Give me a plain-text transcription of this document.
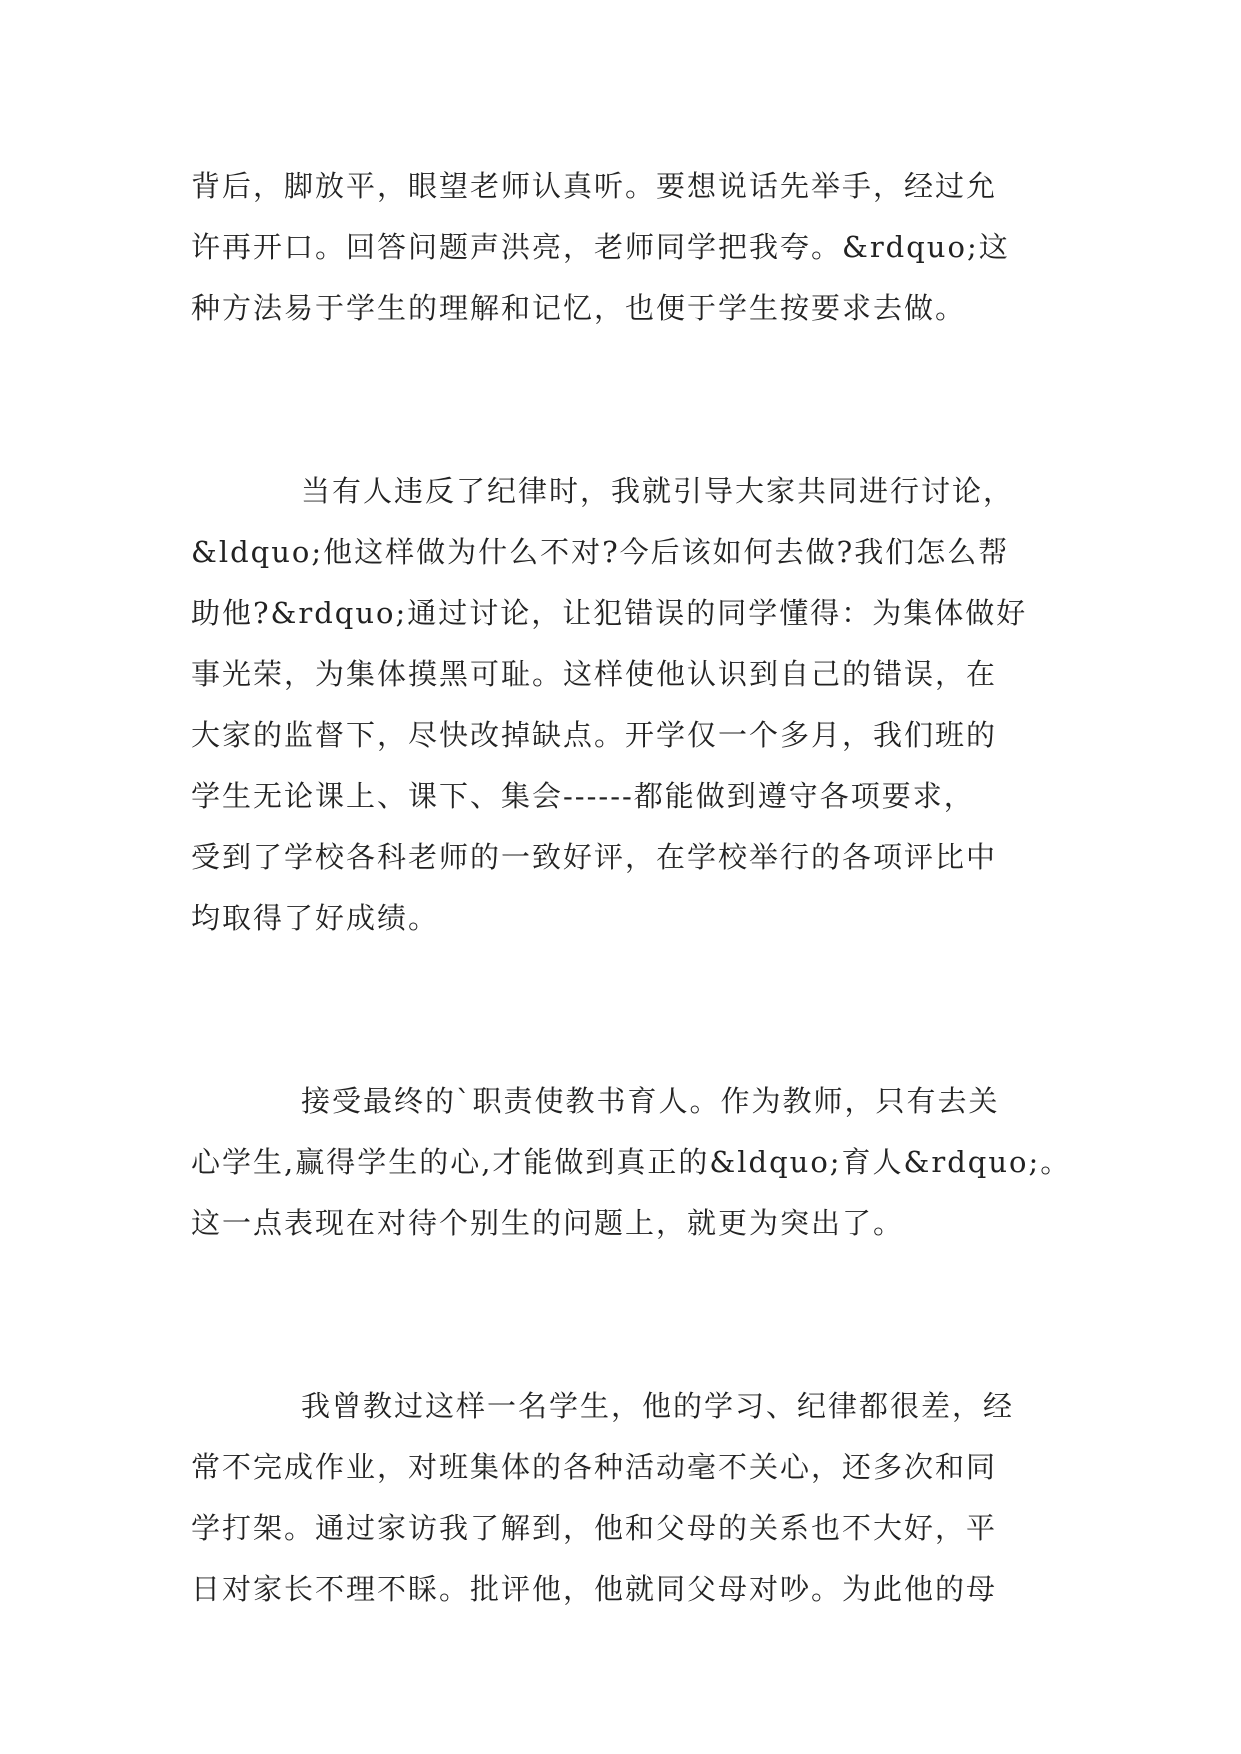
背后，脚放平，眼望老师认真听。要想说话先举手，经过允
许再开口。回答问题声洪亮，老师同学把我夸。&rdquo;这
种方法易于学生的理解和记忆，也便于学生按要求去做。
当有人违反了纪律时，我就引导大家共同进行讨论，
&ldquo;他这样做为什么不对?今后该如何去做?我们怎么帮
助他?&rdquo;通过讨论，让犯错误的同学懂得：为集体做好
事光荣，为集体摸黑可耻。这样使他认识到自己的错误，在
大家的监督下，尽快改掉缺点。开学仅一个多月，我们班的
学生无论课上、课下、集会------都能做到遵守各项要求，
受到了学校各科老师的一致好评，在学校举行的各项评比中
均取得了好成绩。
接受最终的`职责使教书育人。作为教师，只有去关
心学生,赢得学生的心,才能做到真正的&ldquo;育人&rdquo;。
这一点表现在对待个别生的问题上，就更为突出了。
我曾教过这样一名学生，他的学习、纪律都很差，经
常不完成作业，对班集体的各种活动毫不关心，还多次和同
学打架。通过家访我了解到，他和父母的关系也不大好，平
日对家长不理不睬。批评他，他就同父母对吵。为此他的母
